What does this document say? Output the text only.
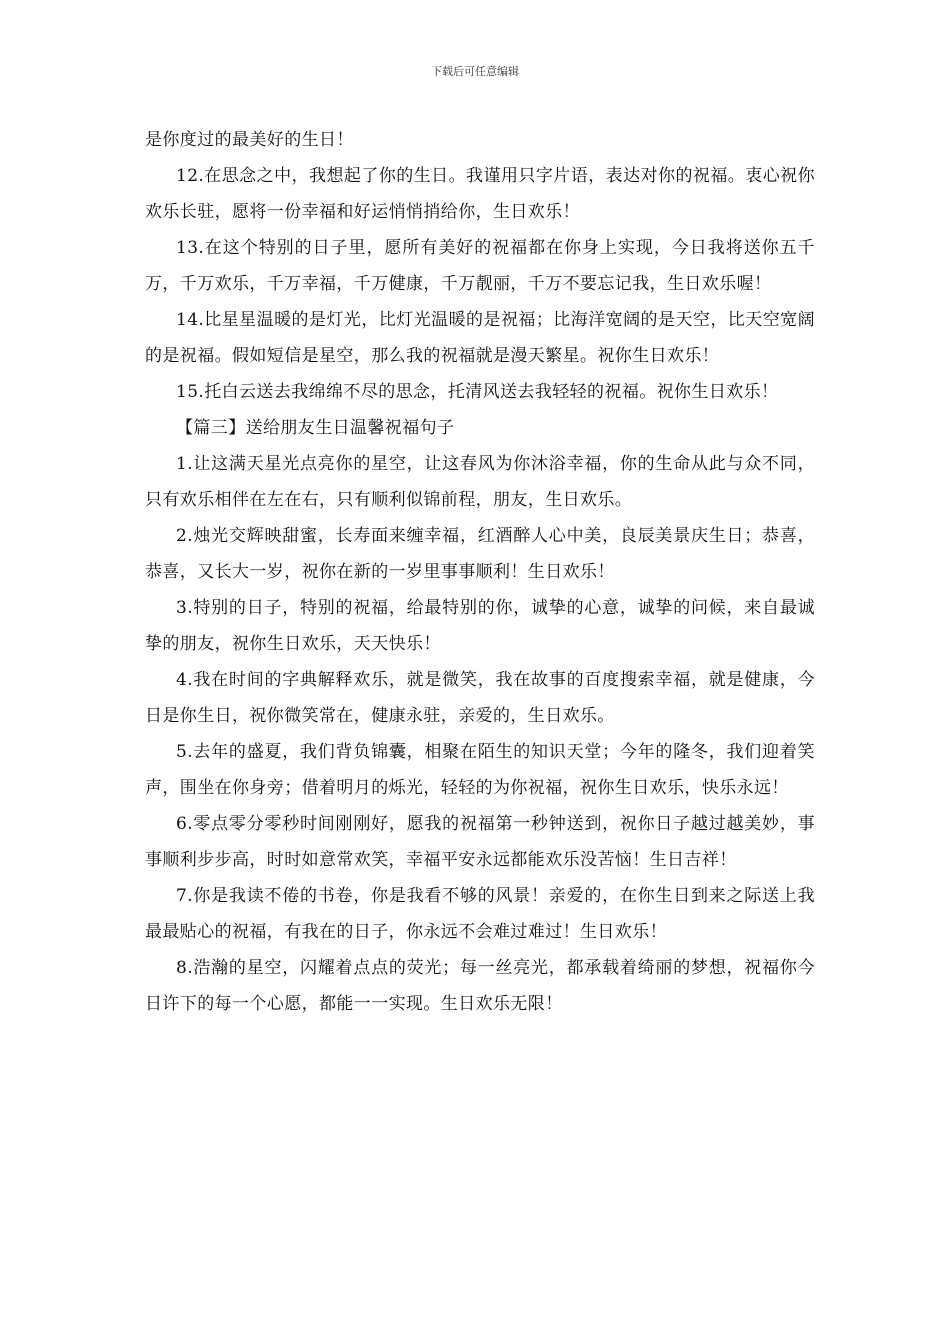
下载后可任意编辑

是你度过的最美好的生日！

12.在思念之中，我想起了你的生日。我谨用只字片语，表达对你的祝福。衷心祝你欢乐长驻，愿将一份幸福和好运悄悄捎给你，生日欢乐！

13.在这个特别的日子里，愿所有美好的祝福都在你身上实现，今日我将送你五千万，千万欢乐，千万幸福，千万健康，千万靓丽，千万不要忘记我，生日欢乐喔！

14.比星星温暖的是灯光，比灯光温暖的是祝福；比海洋宽阔的是天空，比天空宽阔的是祝福。假如短信是星空，那么我的祝福就是漫天繁星。祝你生日欢乐！

15.托白云送去我绵绵不尽的思念，托清风送去我轻轻的祝福。祝你生日欢乐！

【篇三】送给朋友生日温馨祝福句子

1.让这满天星光点亮你的星空，让这春风为你沐浴幸福，你的生命从此与众不同，只有欢乐相伴在左在右，只有顺利似锦前程，朋友，生日欢乐。

2.烛光交辉映甜蜜，长寿面来缠幸福，红酒醉人心中美，良辰美景庆生日；恭喜，恭喜，又长大一岁，祝你在新的一岁里事事顺利！生日欢乐！

3.特别的日子，特别的祝福，给最特别的你，诚挚的心意，诚挚的问候，来自最诚挚的朋友，祝你生日欢乐，天天快乐！

4.我在时间的字典解释欢乐，就是微笑，我在故事的百度搜索幸福，就是健康，今日是你生日，祝你微笑常在，健康永驻，亲爱的，生日欢乐。

5.去年的盛夏，我们背负锦囊，相聚在陌生的知识天堂；今年的隆冬，我们迎着笑声，围坐在你身旁；借着明月的烁光，轻轻的为你祝福，祝你生日欢乐，快乐永远！

6.零点零分零秒时间刚刚好，愿我的祝福第一秒钟送到，祝你日子越过越美妙，事事顺利步步高，时时如意常欢笑，幸福平安永远都能欢乐没苦恼！生日吉祥！

7.你是我读不倦的书卷，你是我看不够的风景！亲爱的，在你生日到来之际送上我最最贴心的祝福，有我在的日子，你永远不会难过难过！生日欢乐！

8.浩瀚的星空，闪耀着点点的荧光；每一丝亮光，都承载着绮丽的梦想，祝福你今日许下的每一个心愿，都能一一实现。生日欢乐无限！
